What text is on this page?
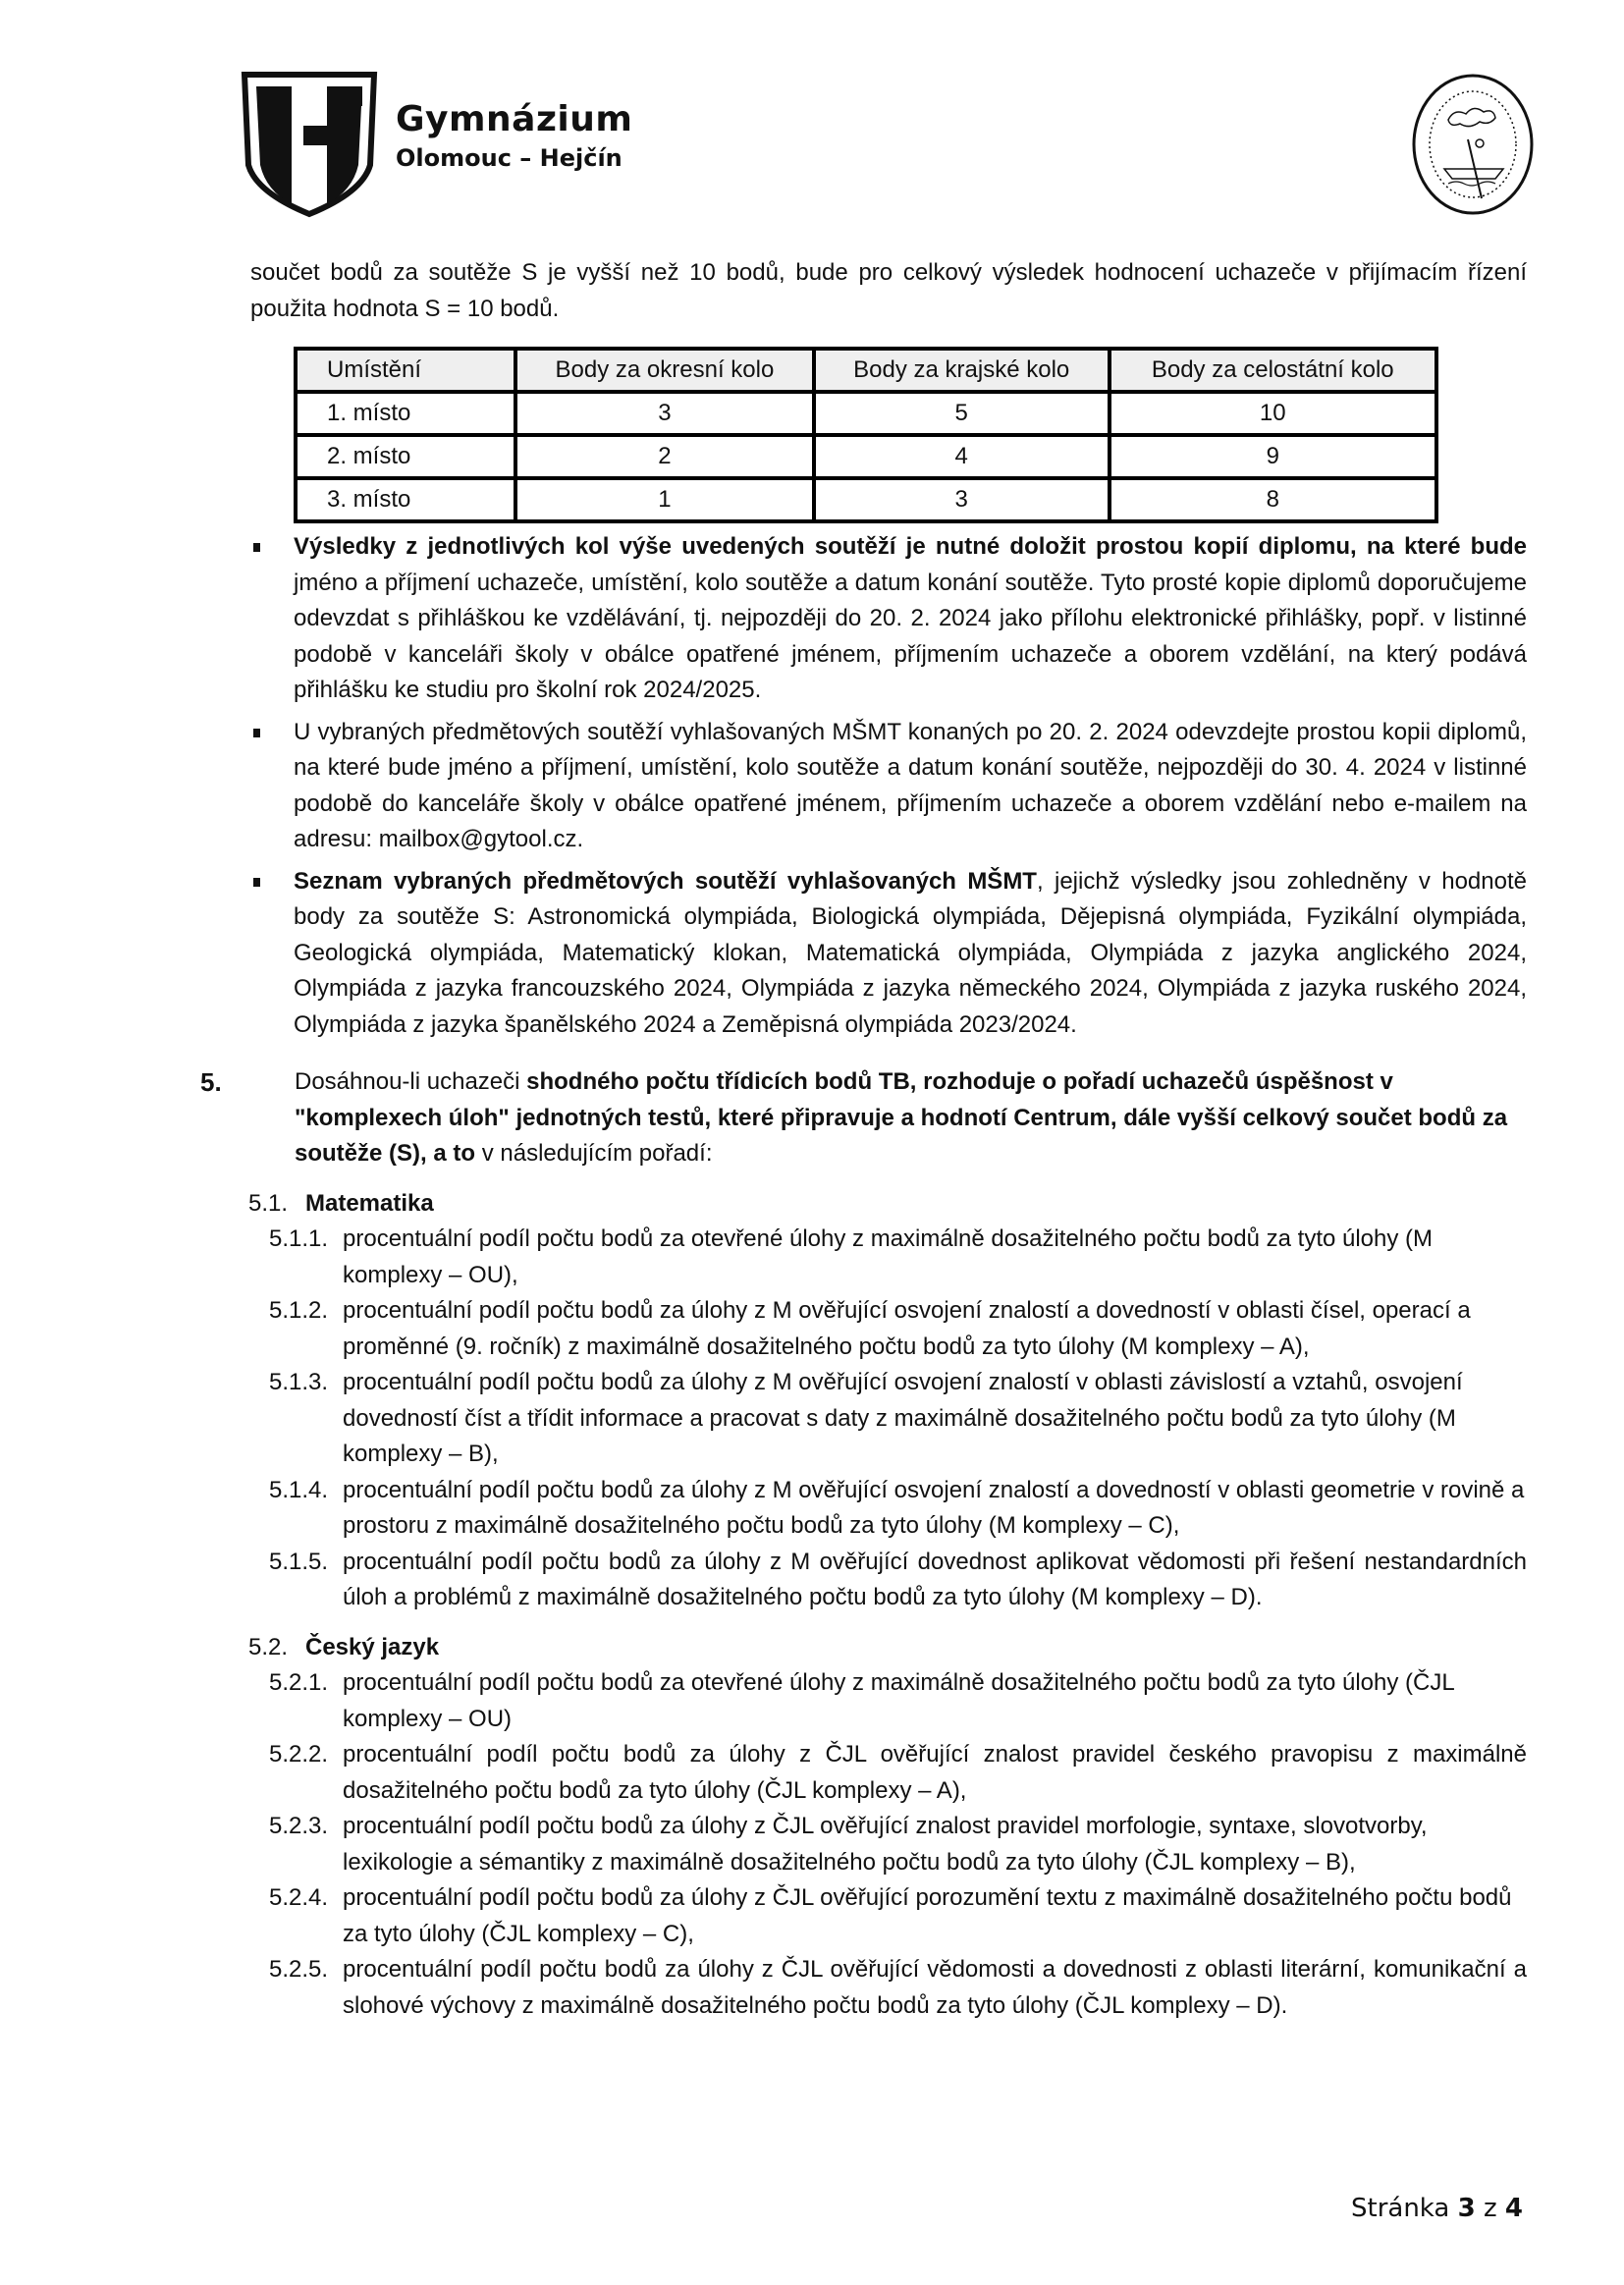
Gymnázium
Olomouc – Hejčín

součet bodů za soutěže S je vyšší než 10 bodů, bude pro celkový výsledek hodnocení uchazeče v přijímacím řízení použita hodnota S = 10 bodů.

Umístění	Body za okresní kolo	Body za krajské kolo	Body za celostátní kolo
1. místo	3	5	10
2. místo	2	4	9
3. místo	1	3	8
Výsledky z jednotlivých kol výše uvedených soutěží je nutné doložit prostou kopií diplomu, na které bude jméno a příjmení uchazeče, umístění, kolo soutěže a datum konání soutěže. Tyto prosté kopie diplomů doporučujeme odevzdat s přihláškou ke vzdělávání, tj. nejpozději do 20. 2. 2024 jako přílohu elektronické přihlášky, popř. v listinné podobě v kanceláři školy v obálce opatřené jménem, příjmením uchazeče a oborem vzdělání, na který podává přihlášku ke studiu pro školní rok 2024/2025.
U vybraných předmětových soutěží vyhlašovaných MŠMT konaných po 20. 2. 2024 odevzdejte prostou kopii diplomů, na které bude jméno a příjmení, umístění, kolo soutěže a datum konání soutěže, nejpozději do 30. 4. 2024 v listinné podobě do kanceláře školy v obálce opatřené jménem, příjmením uchazeče a oborem vzdělání nebo e-mailem na adresu: mailbox@gytool.cz.
Seznam vybraných předmětových soutěží vyhlašovaných MŠMT, jejichž výsledky jsou zohledněny v hodnotě body za soutěže S: Astronomická olympiáda, Biologická olympiáda, Dějepisná olympiáda, Fyzikální olympiáda, Geologická olympiáda, Matematický klokan, Matematická olympiáda, Olympiáda z jazyka anglického 2024, Olympiáda z jazyka francouzského 2024, Olympiáda z jazyka německého 2024, Olympiáda z jazyka ruského 2024, Olympiáda z jazyka španělského 2024 a Zeměpisná olympiáda 2023/2024.
5.	Dosáhnou-li uchazeči shodného počtu třídicích bodů TB, rozhoduje o pořadí uchazečů úspěšnost v "komplexech úloh" jednotných testů, které připravuje a hodnotí Centrum, dále vyšší celkový součet bodů za soutěže (S), a to v následujícím pořadí:

5.1. Matematika
5.1.1. procentuální podíl počtu bodů za otevřené úlohy z maximálně dosažitelného počtu bodů za tyto úlohy (M komplexy – OU),
5.1.2. procentuální podíl počtu bodů za úlohy z M ověřující osvojení znalostí a dovedností v oblasti čísel, operací a proměnné (9. ročník) z maximálně dosažitelného počtu bodů za tyto úlohy (M komplexy – A),
5.1.3. procentuální podíl počtu bodů za úlohy z M ověřující osvojení znalostí v oblasti závislostí a vztahů, osvojení dovedností číst a třídit informace a pracovat s daty z maximálně dosažitelného počtu bodů za tyto úlohy (M komplexy – B),
5.1.4. procentuální podíl počtu bodů za úlohy z M ověřující osvojení znalostí a dovedností v oblasti geometrie v rovině a prostoru z maximálně dosažitelného počtu bodů za tyto úlohy (M komplexy – C),
5.1.5. procentuální podíl počtu bodů za úlohy z M ověřující dovednost aplikovat vědomosti při řešení nestandardních úloh a problémů z maximálně dosažitelného počtu bodů za tyto úlohy (M komplexy – D).
5.2. Český jazyk
5.2.1. procentuální podíl počtu bodů za otevřené úlohy z maximálně dosažitelného počtu bodů za tyto úlohy (ČJL komplexy – OU)
5.2.2. procentuální podíl počtu bodů za úlohy z ČJL ověřující znalost pravidel českého pravopisu z maximálně dosažitelného počtu bodů za tyto úlohy (ČJL komplexy – A),
5.2.3. procentuální podíl počtu bodů za úlohy z ČJL ověřující znalost pravidel morfologie, syntaxe, slovotvorby, lexikologie a sémantiky z maximálně dosažitelného počtu bodů za tyto úlohy (ČJL komplexy – B),
5.2.4. procentuální podíl počtu bodů za úlohy z ČJL ověřující porozumění textu z maximálně dosažitelného počtu bodů za tyto úlohy (ČJL komplexy – C),
5.2.5. procentuální podíl počtu bodů za úlohy z ČJL ověřující vědomosti a dovednosti z oblasti literární, komunikační a slohové výchovy z maximálně dosažitelného počtu bodů za tyto úlohy (ČJL komplexy – D).
Stránka 3 z 4
